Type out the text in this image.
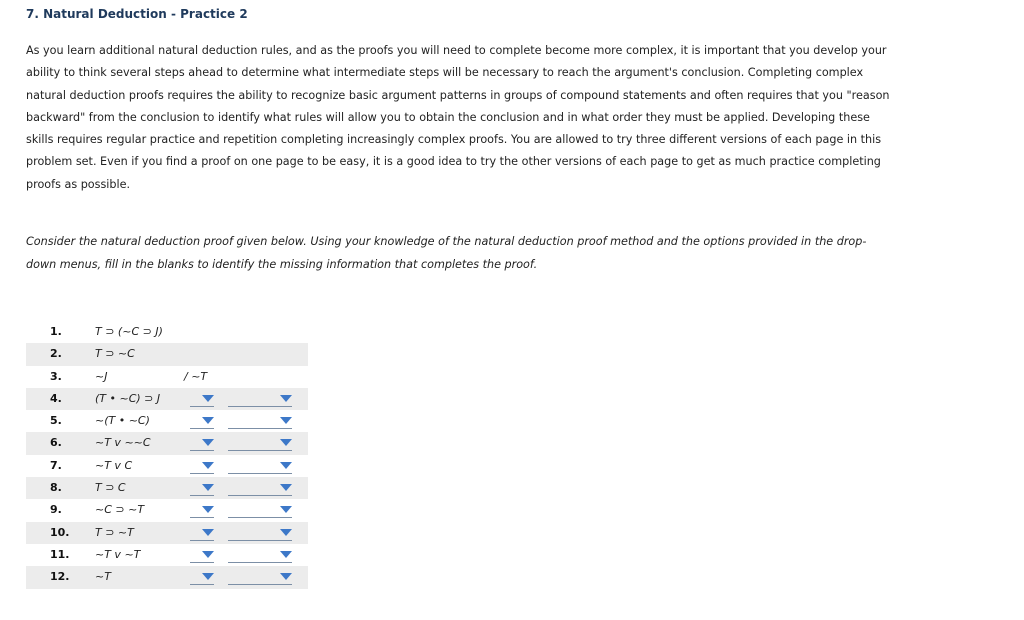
7. Natural Deduction - Practice 2
As you learn additional natural deduction rules, and as the proofs you will need to complete become more complex, it is important that you develop your ability to think several steps ahead to determine what intermediate steps will be necessary to reach the argument's conclusion. Completing complex natural deduction proofs requires the ability to recognize basic argument patterns in groups of compound statements and often requires that you "reason backward" from the conclusion to identify what rules will allow you to obtain the conclusion and in what order they must be applied. Developing these skills requires regular practice and repetition completing increasingly complex proofs. You are allowed to try three different versions of each page in this problem set. Even if you find a proof on one page to be easy, it is a good idea to try the other versions of each page to get as much practice completing proofs as possible.
Consider the natural deduction proof given below. Using your knowledge of the natural deduction proof method and the options provided in the drop-down menus, fill in the blanks to identify the missing information that completes the proof.
1.	T ⊃ (~C ⊃ J)
2.	T ⊃ ~C
3.	~J	/ ~T
4.	(T • ~C) ⊃ J
5.	~(T • ~C)
6.	~T v ~~C
7.	~T v C
8.	T ⊃ C
9.	~C ⊃ ~T
10.	T ⊃ ~T
11.	~T v ~T
12.	~T
